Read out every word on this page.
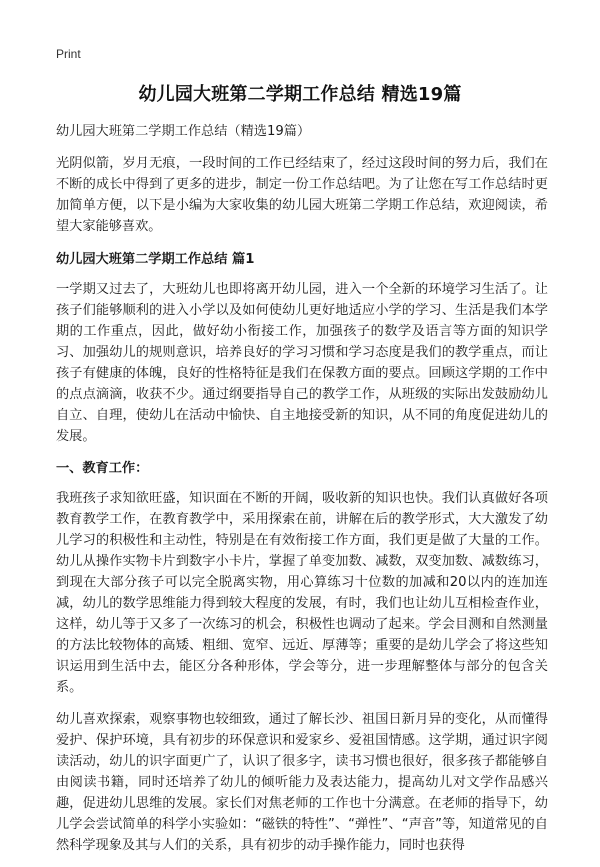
Print
幼儿园大班第二学期工作总结 精选19篇

幼儿园大班第二学期工作总结（精选19篇）

光阴似箭，岁月无痕，一段时间的工作已经结束了，经过这段时间的努力后，我们在不断的成长中得到了更多的进步，制定一份工作总结吧。为了让您在写工作总结时更加简单方便，以下是小编为大家收集的幼儿园大班第二学期工作总结，欢迎阅读，希望大家能够喜欢。

幼儿园大班第二学期工作总结 篇1

一学期又过去了，大班幼儿也即将离开幼儿园，进入一个全新的环境学习生活了。让孩子们能够顺利的进入小学以及如何使幼儿更好地适应小学的学习、生活是我们本学期的工作重点，因此，做好幼小衔接工作，加强孩子的数学及语言等方面的知识学习、加强幼儿的规则意识，培养良好的学习习惯和学习态度是我们的教学重点，而让孩子有健康的体魄，良好的性格特征是我们在保教方面的要点。回顾这学期的工作中的点点滴滴，收获不少。通过纲要指导自己的教学工作，从班级的实际出发鼓励幼儿自立、自理，使幼儿在活动中愉快、自主地接受新的知识，从不同的角度促进幼儿的发展。

一、教育工作：

我班孩子求知欲旺盛，知识面在不断的开阔，吸收新的知识也快。我们认真做好各项教育教学工作，在教育教学中，采用探索在前，讲解在后的教学形式，大大激发了幼儿学习的积极性和主动性，特别是在有效衔接工作方面，我们更是做了大量的工作。幼儿从操作实物卡片到数字小卡片，掌握了单变加数、减数，双变加数、减数练习，到现在大部分孩子可以完全脱离实物，用心算练习十位数的加减和20以内的连加连减，幼儿的数学思维能力得到较大程度的发展，有时，我们也让幼儿互相检查作业，这样，幼儿等于又多了一次练习的机会，积极性也调动了起来。学会目测和自然测量的方法比较物体的高矮、粗细、宽窄、远近、厚薄等；重要的是幼儿学会了将这些知识运用到生活中去，能区分各种形体，学会等分，进一步理解整体与部分的包含关系。

幼儿喜欢探索，观察事物也较细致，通过了解长沙、祖国日新月异的变化，从而懂得爱护、保护环境，具有初步的环保意识和爱家乡、爱祖国情感。这学期，通过识字阅读活动，幼儿的识字面更广了，认识了很多字，读书习惯也很好，很多孩子都能够自由阅读书籍，同时还培养了幼儿的倾听能力及表达能力，提高幼儿对文学作品感兴趣，促进幼儿思维的发展。家长们对焦老师的工作也十分满意。在老师的指导下，幼儿学会尝试简单的科学小实验如：“磁铁的特性”、“弹性”、“声音”等，知道常见的自然科学现象及其与人们的关系，具有初步的动手操作能力，同时也获得
